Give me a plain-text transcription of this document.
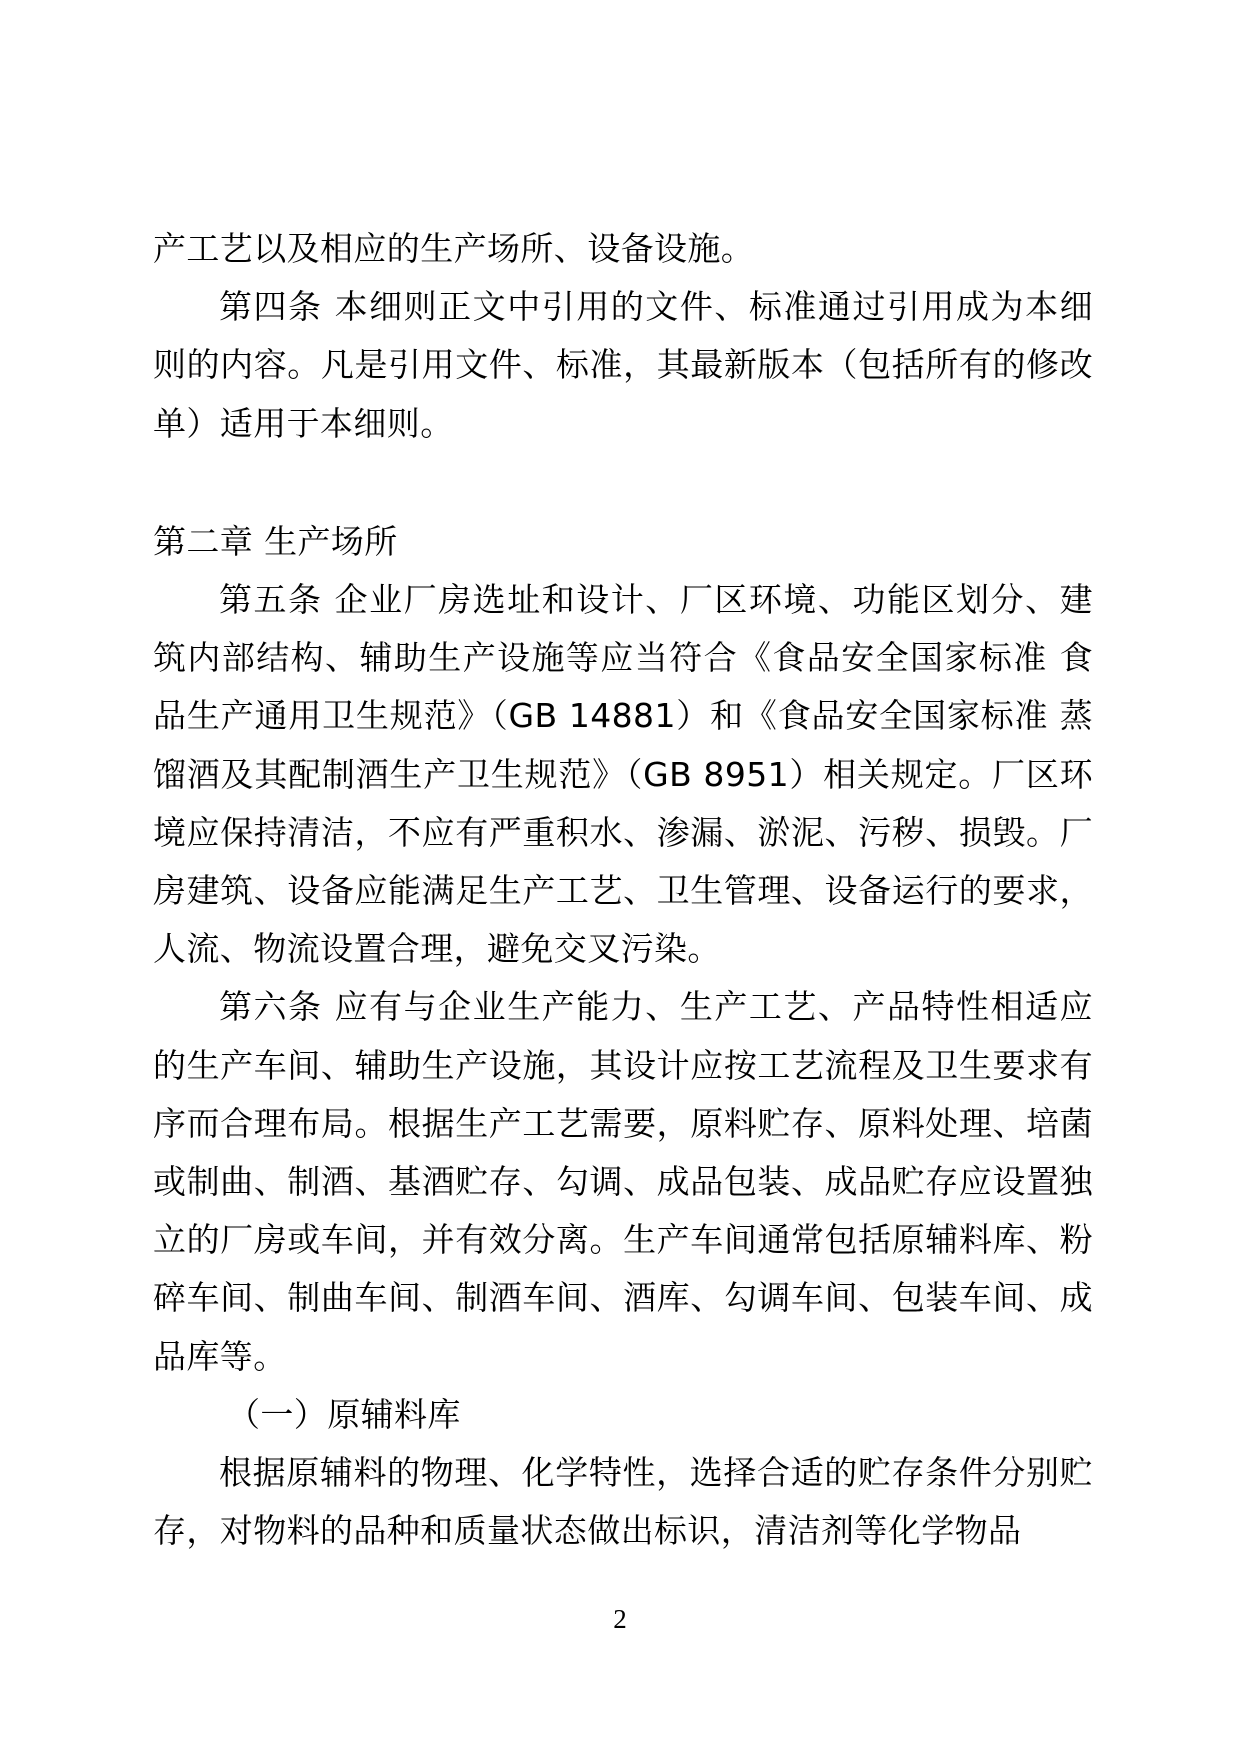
产工艺以及相应的生产场所、设备设施。

第四条 本细则正文中引用的文件、标准通过引用成为本细则的内容。凡是引用文件、标准，其最新版本（包括所有的修改单）适用于本细则。

第二章 生产场所

第五条 企业厂房选址和设计、厂区环境、功能区划分、建筑内部结构、辅助生产设施等应当符合《食品安全国家标准 食品生产通用卫生规范》（GB 14881）和《食品安全国家标准 蒸馏酒及其配制酒生产卫生规范》（GB 8951）相关规定。厂区环境应保持清洁，不应有严重积水、渗漏、淤泥、污秽、损毁。厂房建筑、设备应能满足生产工艺、卫生管理、设备运行的要求，人流、物流设置合理，避免交叉污染。

第六条 应有与企业生产能力、生产工艺、产品特性相适应的生产车间、辅助生产设施，其设计应按工艺流程及卫生要求有序而合理布局。根据生产工艺需要，原料贮存、原料处理、培菌或制曲、制酒、基酒贮存、勾调、成品包装、成品贮存应设置独立的厂房或车间，并有效分离。生产车间通常包括原辅料库、粉碎车间、制曲车间、制酒车间、酒库、勾调车间、包装车间、成品库等。

（一）原辅料库

根据原辅料的物理、化学特性，选择合适的贮存条件分别贮存，对物料的品种和质量状态做出标识，清洁剂等化学物品

2
